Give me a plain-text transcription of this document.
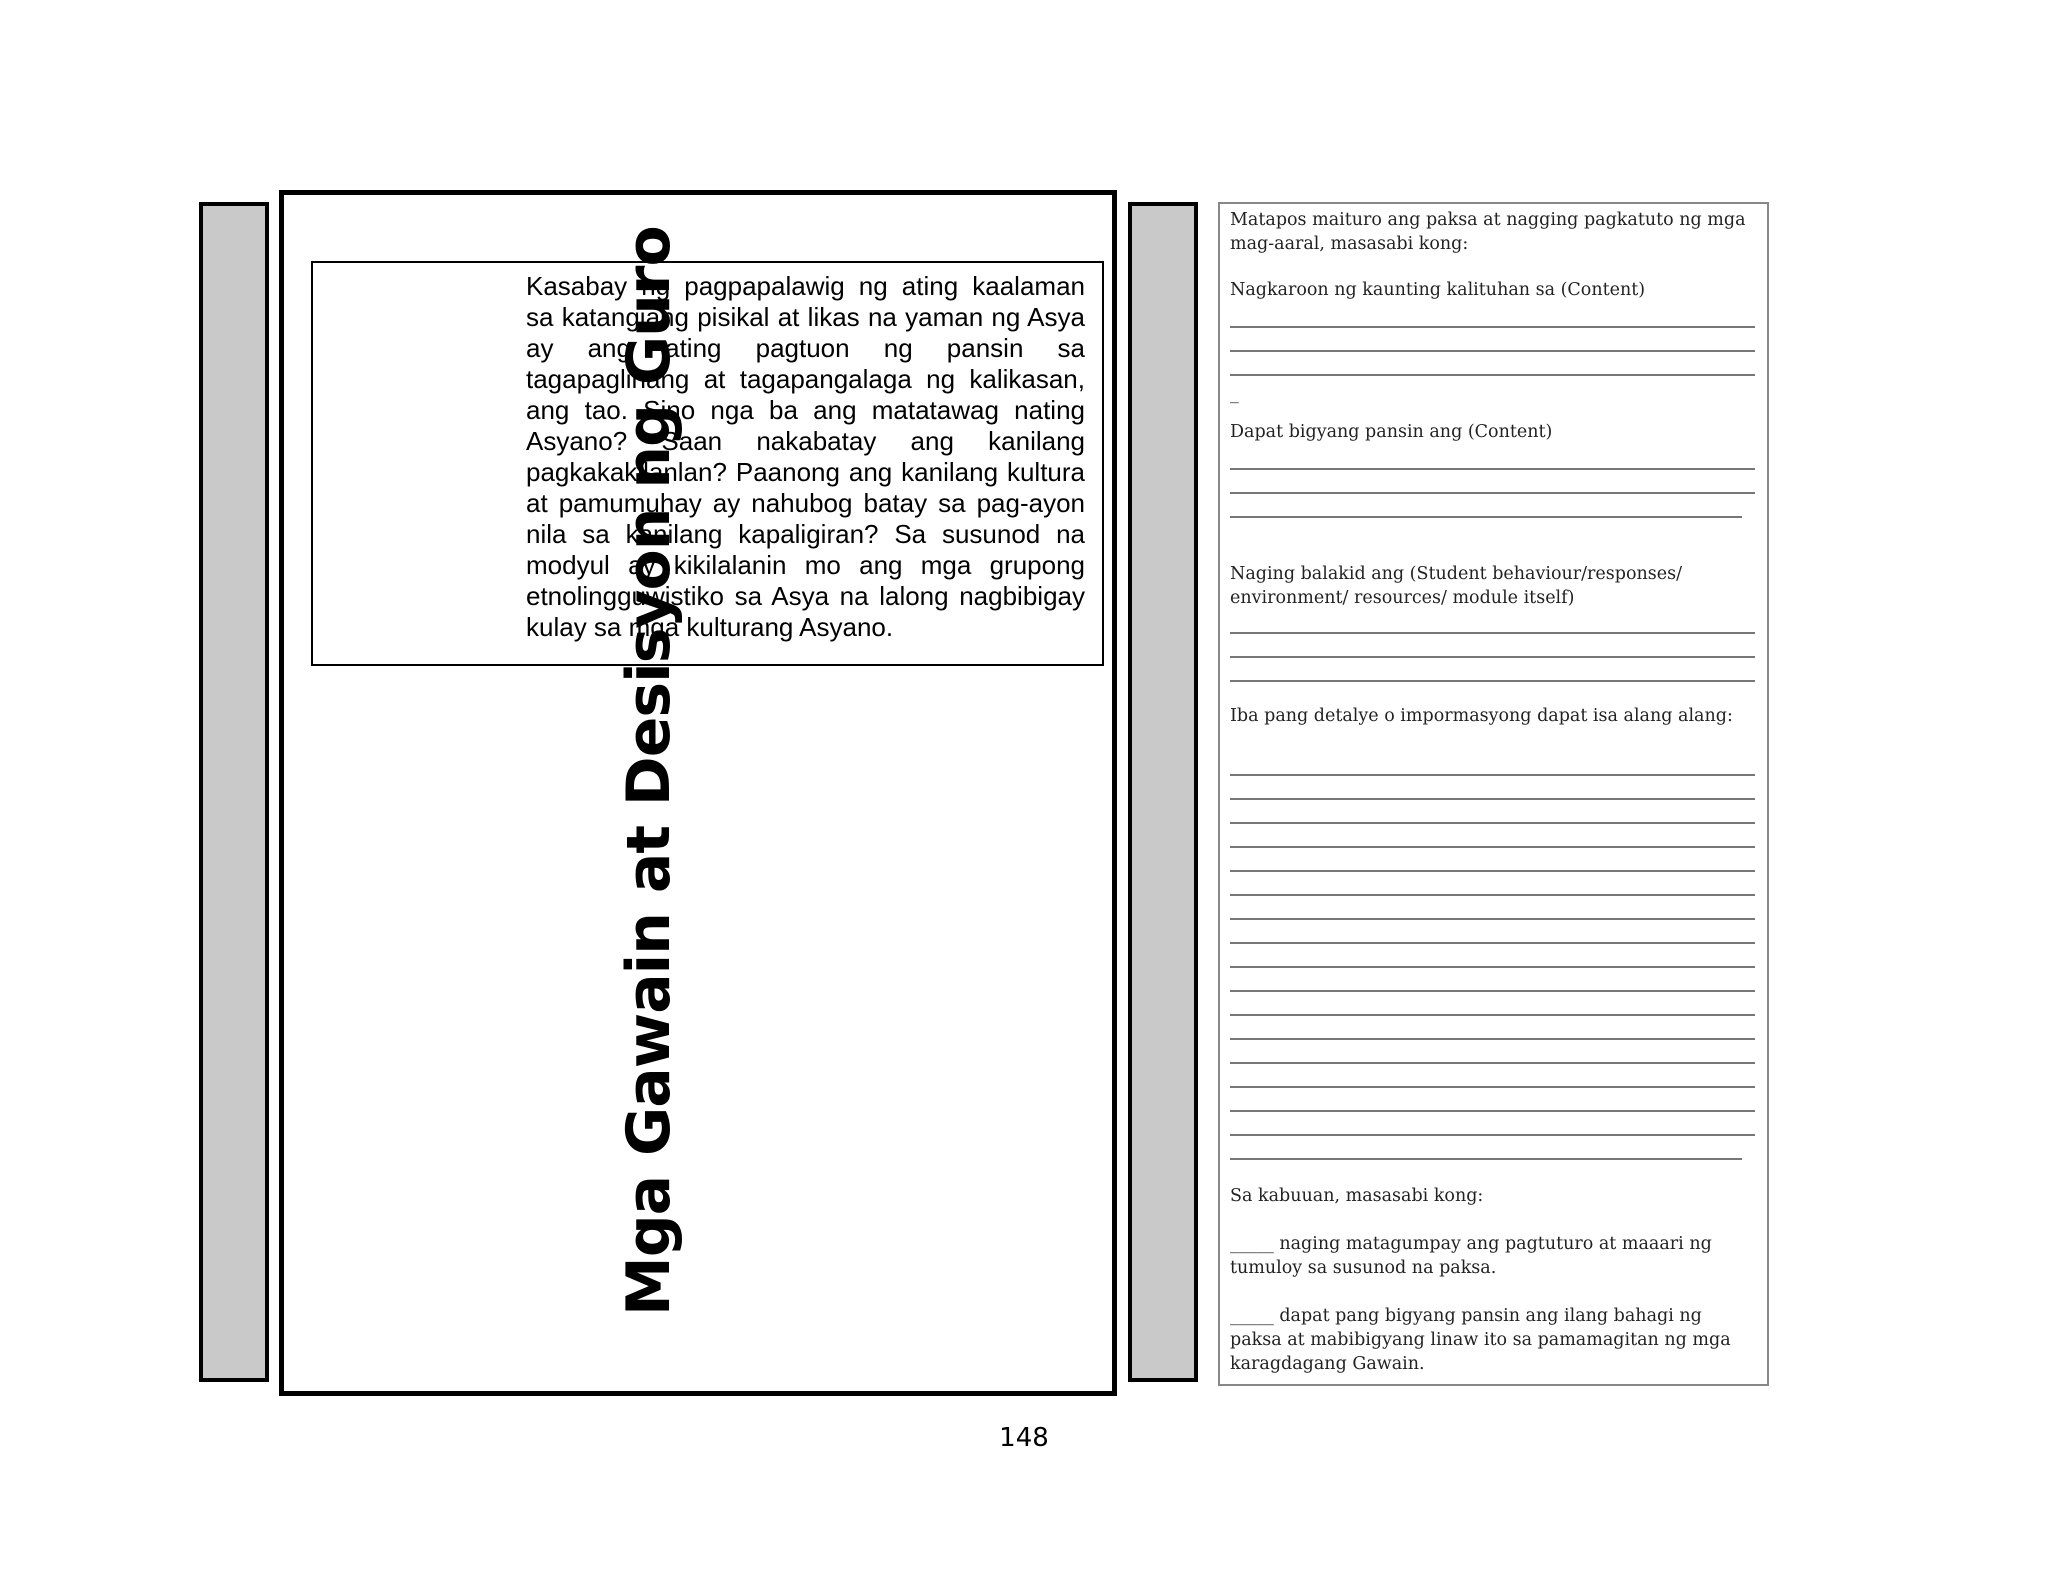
Kasabay ng pagpapalawig ng ating kaalaman sa katangiang pisikal at likas na yaman ng Asya ay ang ating pagtuon ng pansin sa tagapaglinang at tagapangalaga ng kalikasan, ang tao. Sino nga ba ang matatawag nating Asyano? Saan nakabatay ang kanilang pagkakakilanlan? Paanong ang kanilang kultura at pamumuhay ay nahubog batay sa pag-ayon nila sa kanilang kapaligiran? Sa susunod na modyul ay kikilalanin mo ang mga grupong etnolingguwistiko sa Asya na lalong nagbibigay kulay sa mga kulturang Asyano.
Mga Gawain at Desisyon ng Guro
Matapos maituro ang paksa at nagging pagkatuto ng mga mag-aaral, masasabi kong:
Nagkaroon ng kaunting kalituhan sa (Content)
_
Dapat bigyang pansin ang (Content)
Naging balakid ang (Student behaviour/responses/ environment/ resources/ module itself)
Iba pang detalye o impormasyong dapat isa alang alang:
Sa kabuuan, masasabi kong:
_____ naging matagumpay ang pagtuturo at maaari ng tumuloy sa susunod na paksa.
_____ dapat pang bigyang pansin ang ilang bahagi ng paksa at mabibigyang linaw ito sa pamamagitan ng mga karagdagang Gawain.
148
